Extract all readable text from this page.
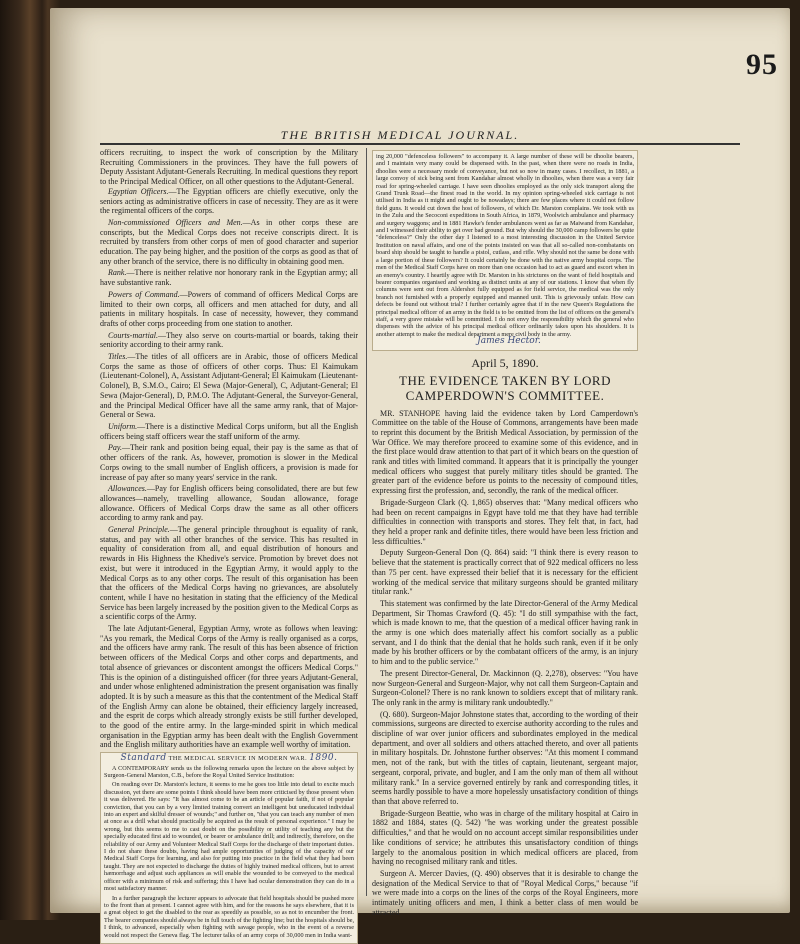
95
THE BRITISH MEDICAL JOURNAL.

officers recruiting, to inspect the work of conscription by the Military Recruiting Commissioners in the provinces. They have the full powers of Deputy Assistant Adjutant-Generals Recruiting. In medical questions they report to the Principal Medical Officer, on all other questions to the Adjutant-General.

Egyptian Officers.—The Egyptian officers are chiefly executive, only the seniors acting as administrative officers in case of necessity. They are as it were the regimental officers of the corps.

Non-commissioned Officers and Men.—As in other corps these are conscripts, but the Medical Corps does not receive conscripts direct. It is recruited by transfers from other corps of men of good character and superior education. The pay being higher, and the position of the corps as good as that of any other branch of the service, there is no difficulty in obtaining good men.

Rank.—There is neither relative nor honorary rank in the Egyptian army; all have substantive rank.

Powers of Command.—Powers of command of officers Medical Corps are limited to their own corps, all officers and men attached for duty, and all patients in military hospitals. In case of necessity, however, they command drafts of other corps proceeding from one station to another.

Courts-martial.—They also serve on courts-martial or boards, taking their seniority according to their army rank.

Titles.—The titles of all officers are in Arabic, those of officers Medical Corps the same as those of officers of other corps. Thus: El Kaimukam (Lieutenant-Colonel), A, Assistant Adjutant-General; El Kaimukam (Lieutenant-Colonel), B, S.M.O., Cairo; El Sewa (Major-General), C, Adjutant-General; El Sewa (Major-General), D, P.M.O. The Adjutant-General, the Surveyor-General, and the Principal Medical Officer have all the same army rank, that of Major-General or Sewa.

Uniform.—There is a distinctive Medical Corps uniform, but all the English officers being staff officers wear the staff uniform of the army.

Pay.—Their rank and position being equal, their pay is the same as that of other officers of the rank. As, however, promotion is slower in the Medical Corps owing to the small number of English officers, a provision is made for increase of pay after so many years' service in the rank.

Allowances.—Pay for English officers being consolidated, there are but few allowances—namely, travelling allowance, Soudan allowance, forage allowance. Officers of Medical Corps draw the same as all other officers according to army rank and pay.

General Principle.—The general principle throughout is equality of rank, status, and pay with all other branches of the service. This has resulted in equality of consideration from all, and equal distribution of honours and rewards in His Highness the Khedive's service. Promotion by brevet does not exist, but were it introduced in the Egyptian Army, it would apply to the Medical Corps as to any other corps. The result of this organisation has been that the officers of the Medical Corps having no grievances, are absolutely content, while I have no hesitation in stating that the efficiency of the Medical Service has been largely increased by the position given to the Medical Corps as a scientific corps of the Army.

The late Adjutant-General, Egyptian Army, wrote as follows when leaving: "As you remark, the Medical Corps of the Army is really organised as a corps, and the officers have army rank. The result of this has been absence of friction between officers of the Medical Corps and other corps and departments, and total absence of grievances or discontent amongst the officers Medical Corps." This is the opinion of a distinguished officer (for three years Adjutant-General, and under whose enlightened administration the present organisation was finally adopted. It is by such a measure as this that the contentment of the Medical Staff of the English Army can alone be obtained, their efficiency largely increased, and the esprit de corps which already strongly exists be still further developed, to the good of the entire army. In the large-minded spirit in which medical organisation in the Egyptian army has been dealt with the English Government and the English military authorities have an example well worthy of imitation.

Standard THE MEDICAL SERVICE IN MODERN WAR. 1890.

A CONTEMPORARY sends us the following remarks upon the lecture on the above subject by Surgeon-General Marston, C.B., before the Royal United Service Institution:

On reading over Dr. Marston's lecture, it seems to me he goes too little into detail to excite much discussion, yet there are some points I think should have been more criticised by those present when it was delivered. He says: "It has almost come to be an article of popular faith, if not of popular conviction, that you can by a very limited training convert an intelligent but uneducated individual into an expert and skilful dresser of wounds;" and further on, "that you can teach any number of men at once as a drill what should practically be acquired as the result of personal experience." I may be wrong, but this seems to me to cast doubt on the possibility or utility of teaching any but the specially educated first aid to wounded, or bearer or ambulance drill; and indirectly, therefore, on the reliability of our Army and Volunteer Medical Staff Corps for the discharge of their important duties. I do not share these doubts, having had ample opportunities of judging of the capacity of our Medical Staff Corps for learning, and also for putting into practice in the field what they had been taught. They are not expected to discharge the duties of highly trained medical officers, but to arrest hæmorrhage and adjust such appliances as will enable the wounded to be conveyed to the medical officer with a minimum of risk and suffering; this I have had ocular demonstration they can do in a most satisfactory manner.

In a further paragraph the lecturer appears to advocate that field hospitals should be pushed more to the front than at present. I cannot agree with him, and for the reasons he says elsewhere, that it is a great object to get the disabled to the rear as speedily as possible, so as not to encumber the front. The bearer companies should always be in full touch of the fighting line; but the hospitals should be, I think, to advanced, especially when fighting with savage people, who in the event of a reverse would not respect the Geneva flag. The lecturer talks of an army corps of 30,000 men in India want-

ing 20,000 "defenceless followers" to accompany it. A large number of these will be dhoolie bearers, and I maintain very many could be dispensed with. In the past, when there were no roads in India, dhoolies were a necessary mode of conveyance, but not so now in many cases. I recollect, in 1881, a large convoy of sick being sent from Kandahar almost wholly in dhoolies, when there was a very fair road for spring-wheeled carriage. I have seen dhoolies employed as the only sick transport along the Grand Trunk Road—the finest road in the world. In my opinion spring-wheeled sick carriage is not utilised in India as it might and ought to be nowadays; there are few places where it could not follow field guns. It would cut down the host of followers, of which Dr. Marston complains. We took with us in the Zulu and the Secoconi expeditions in South Africa, in 1879, Woolwich ambulance and pharmacy and surgery waggons; and in 1881 Hawke's fender ambulances went as far as Maiwand from Kandahar, and I witnessed their ability to get over bad ground. But why should the 30,000 camp followers be quite "defenceless?" Only the other day I listened to a most interesting discussion in the United Service Institution on naval affairs, and one of the points insisted on was that all so-called non-combatants on board ship should be taught to handle a pistol, cutlass, and rifle. Why should not the same be done with a large portion of these followers? It could certainly be done with the native army hospital corps. The men of the Medical Staff Corps have on more than one occasion had to act as guard and escort when in an enemy's country. I heartily agree with Dr. Marston in his strictures on the want of field hospitals and bearer companies organised and working as distinct units at any of our stations. I know that when fly columns were sent out from Aldershot fully equipped as for field service, the medical was the only branch not furnished with a properly equipped and manned unit. This is grievously unfair. How can defects be found out without trial? I further certainly agree that if in the new Queen's Regulations the principal medical officer of an army in the field is to be omitted from the list of officers on the general's staff, a very grave mistake will be committed. I do not envy the responsibility which the general who dispenses with the advice of his principal medical officer ordinarily takes upon his shoulders. It is another attempt to make the medical department a mere civil body in the army.

James Hector.

April 5, 1890.
THE EVIDENCE TAKEN BY LORD
CAMPERDOWN'S COMMITTEE.

MR. STANHOPE having laid the evidence taken by Lord Camperdown's Committee on the table of the House of Commons, arrangements have been made to reprint this document by the British Medical Association, by permission of the War Office. We may therefore proceed to examine some of this evidence, and in the first place would draw attention to that part of it which bears on the question of rank and titles with limited command. It appears that it is principally the younger medical officers who suggest that purely military titles should be granted. The greater part of the evidence before us points to the necessity of compound titles, expressing first the profession, and, secondly, the rank of the medical officer.

Brigade-Surgeon Clark (Q. 1,865) observes that: "Many medical officers who had been on recent campaigns in Egypt have told me that they have had terrible difficulties in connection with transports and stores. They felt that, in fact, had they held a proper rank and definite titles, there would have been less friction and less difficulties."

Deputy Surgeon-General Don (Q. 864) said: "I think there is every reason to believe that the statement is practically correct that of 922 medical officers no less than 75 per cent. have expressed their belief that it is necessary for the efficient working of the medical service that military surgeons should be granted military titular rank."

This statement was confirmed by the late Director-General of the Army Medical Department, Sir Thomas Crawford (Q. 45): "I do still sympathise with the fact, which is made known to me, that the question of a medical officer having rank in the army is one which does materially affect his comfort socially as a public servant, and I do think that the denial that he holds such rank, even if it be only made by his brother officers or by the combatant officers of the army, is an injury to him and to the public service."

The present Director-General, Dr. Mackinnon (Q. 2,278), observes: "You have now Surgeon-General and Surgeon-Major, why not call them Surgeon-Captain and Surgeon-Colonel? There is no rank known to soldiers except that of military rank. The only rank in the army is military rank undoubtedly."

(Q. 680). Surgeon-Major Johnstone states that, according to the wording of their commissions, surgeons are directed to exercise authority according to the rules and discipline of war over junior officers and subordinates employed in the medical department, and over all soldiers and others attached thereto, and over all patients in military hospitals. Dr. Johnstone further observes: "At this moment I command men, not of the rank, but with the titles of captain, lieutenant, sergeant major, sergeant, corporal, private, and bugler, and I am the only man of them all without military rank." In a service governed entirely by rank and corresponding titles, it seems hardly possible to have a more hopelessly unsatisfactory condition of things than that above referred to.

Brigade-Surgeon Beattie, who was in charge of the military hospital at Cairo in 1882 and 1884, states (Q. 542) "he was working under the greatest possible difficulties," and that he would on no account accept similar responsibilities under like conditions of service; he attributes this unsatisfactory condition of things largely to the anomalous position in which medical officers are placed, from having no recognised military rank and titles.

Surgeon A. Mercer Davies, (Q. 490) observes that it is desirable to change the designation of the Medical Service to that of "Royal Medical Corps," because "if we were made into a corps on the lines of the corps of the Royal Engineers, more intimately uniting officers and men, I think a better class of men would be attracted
